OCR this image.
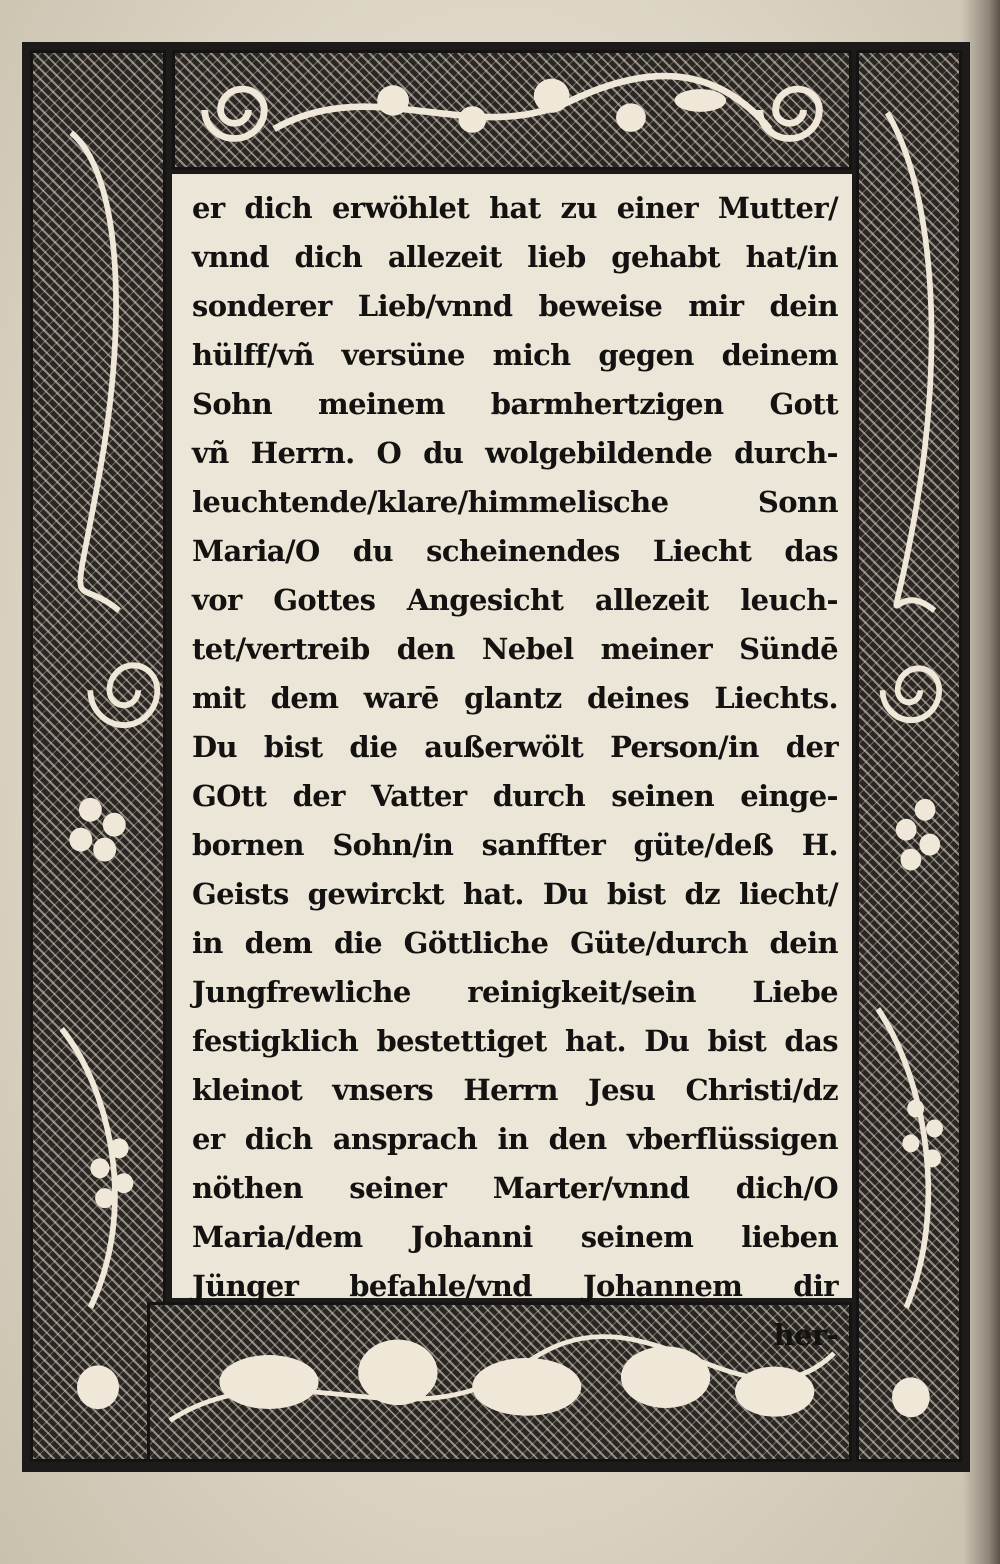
er dich erwöhlet hat zu einer Mutter/
vnnd dich allezeit lieb gehabt hat/in
sonderer Lieb/vnnd beweise mir dein
hülff/vñ versüne mich gegen deinem
Sohn meinem barmhertzigen Gott
vñ Herrn. O du wolgebildende durch-
leuchtende/klare/himmelische Sonn
Maria/O du scheinendes Liecht das
vor Gottes Angesicht allezeit leuch-
tet/vertreib den Nebel meiner Sündē
mit dem warē glantz deines Liechts.
Du bist die außerwölt Person/in der
GOtt der Vatter durch seinen einge-
bornen Sohn/in sanffter güte/deß H.
Geists gewirckt hat. Du bist dz liecht/
in dem die Göttliche Güte/durch dein
Jungfrewliche reinigkeit/sein Liebe
festigklich bestettiget hat. Du bist das
kleinot vnsers Herrn Jesu Christi/dz
er dich ansprach in den vberflüssigen
nöthen seiner Marter/vnnd dich/O
Maria/dem Johanni seinem lieben
Jünger befahle/vnd Johannem dir
her-
